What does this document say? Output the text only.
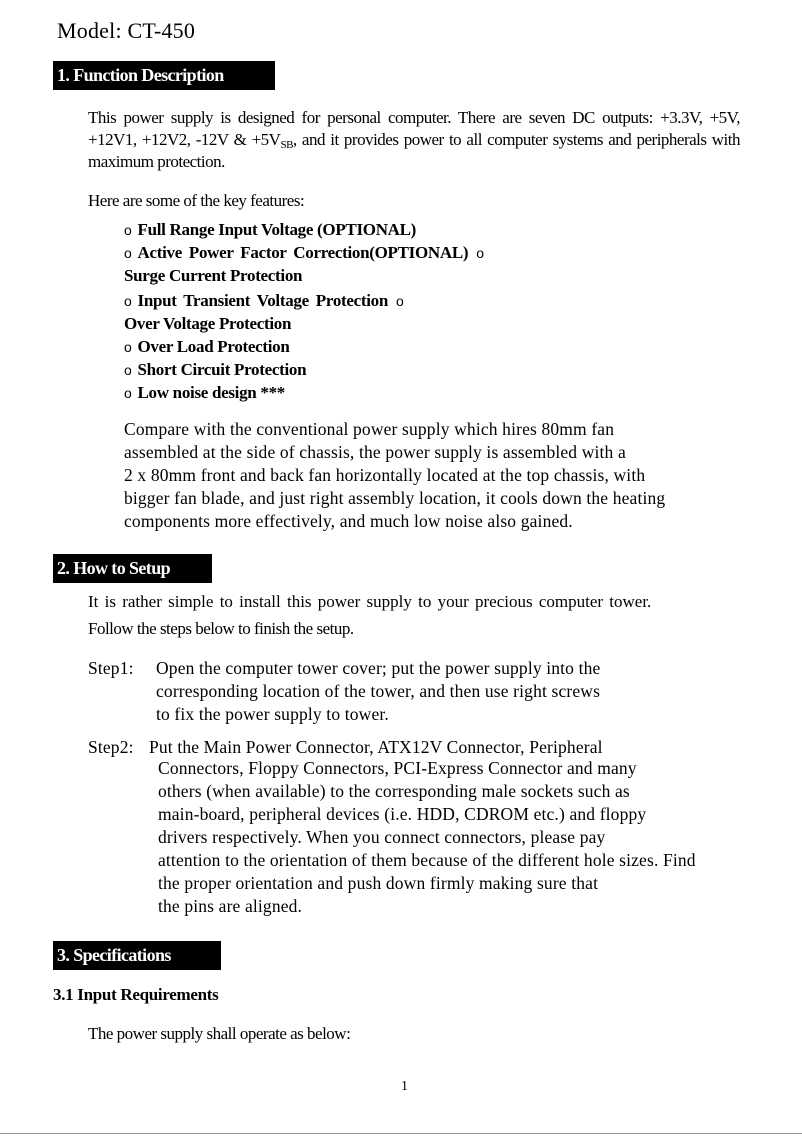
Model: CT-450
1. Function Description
This power supply is designed for personal computer. There are seven DC outputs: +3.3V, +5V, +12V1, +12V2, -12V & $+5V_{SB}$, and it provides power to all computer systems and peripherals with maximum protection.
Here are some of the key features:
o Full Range Input Voltage (OPTIONAL)
o Active Power Factor Correction(OPTIONAL) o
Surge Current Protection
o Input Transient Voltage Protection o
Over Voltage Protection
o Over Load Protection
o Short Circuit Protection
o Low noise design ***
Compare with the conventional power supply which hires 80mm fan
assembled at the side of chassis, the power supply is assembled with a
2 x 80mm front and back fan horizontally located at the top chassis, with
bigger fan blade, and just right assembly location, it cools down the heating
components more effectively, and much low noise also gained.
2. How to Setup
It is rather simple to install this power supply to your precious computer tower.
Follow the steps below to finish the setup.
Step1: Open the computer tower cover; put the power supply into the
corresponding location of the tower, and then use right screws
to fix the power supply to tower.
Step2: Put the Main Power Connector, ATX12V Connector, Peripheral
Connectors, Floppy Connectors, PCI-Express Connector and many
others (when available) to the corresponding male sockets such as
main-board, peripheral devices (i.e. HDD, CDROM etc.) and floppy
drivers respectively. When you connect connectors, please pay
attention to the orientation of them because of the different hole sizes. Find
the proper orientation and push down firmly making sure that
the pins are aligned.
3. Specifications
3.1 Input Requirements
The power supply shall operate as below:
1
